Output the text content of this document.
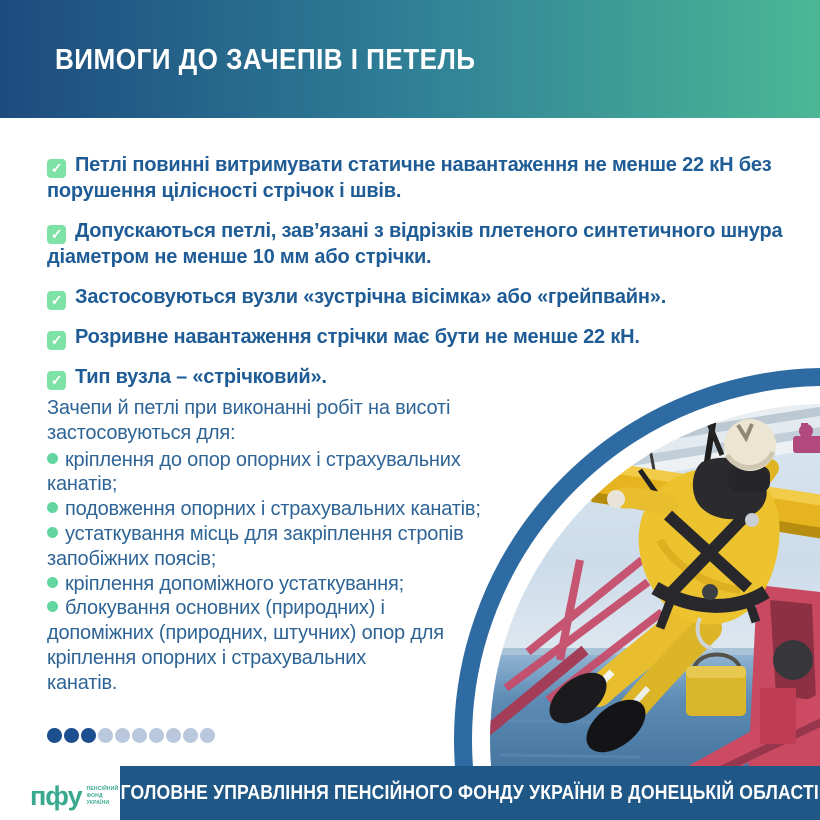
ВИМОГИ ДО ЗАЧЕПІВ І ПЕТЕЛЬ
✓ Петлі повинні витримувати статичне навантаження не менше 22 кН без порушення цілісності стрічок і швів.
✓ Допускаються петлі, зав’язані з відрізків плетеного синтетичного шнура діаметром не менше 10 мм або стрічки.
✓ Застосовуються вузли «зустрічна вісімка» або «грейпвайн».
✓ Розривне навантаження стрічки має бути не менше 22 кН.
✓ Тип вузла – «стрічковий».

Зачепи й петлі при виконанні робіт на висоті застосовуються для:

кріплення до опор опорних і страхувальних канатів;
подовження опорних і страхувальних канатів;
устаткування місць для закріплення стропів запобіжних поясів;
кріплення допоміжного устаткування;
блокування основних (природних) і допоміжних (природних, штучних) опор для кріплення опорних і страхувальних канатів.
пфу ПЕНСІЙНИЙ
ФОНД
УКРАЇНИ ГОЛОВНЕ УПРАВЛІННЯ ПЕНСІЙНОГО ФОНДУ УКРАЇНИ В ДОНЕЦЬКІЙ ОБЛАСТІ
